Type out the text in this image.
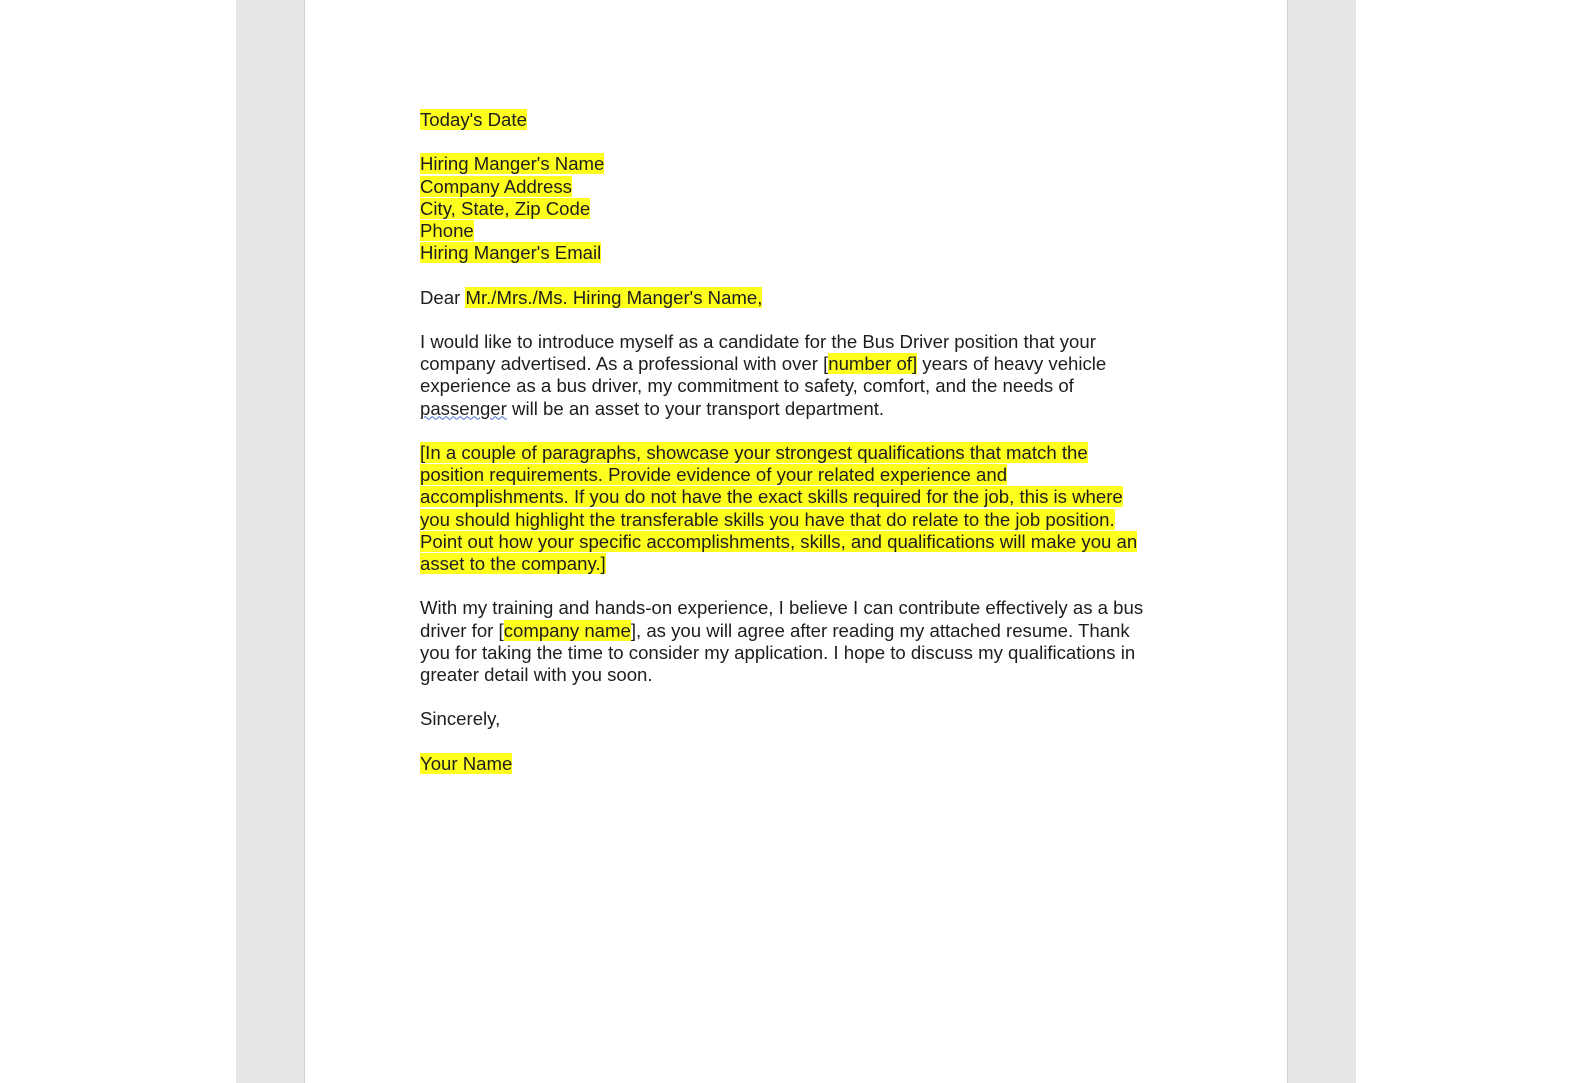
Today's Date
Hiring Manger's Name
Company Address
City, State, Zip Code
Phone
Hiring Manger's Email
Dear Mr./Mrs./Ms. Hiring Manger's Name,
I would like to introduce myself as a candidate for the Bus Driver position that your
company advertised. As a professional with over [number of] years of heavy vehicle
experience as a bus driver, my commitment to safety, comfort, and the needs of
passenger will be an asset to your transport department.
[In a couple of paragraphs, showcase your strongest qualifications that match the
position requirements. Provide evidence of your related experience and
accomplishments. If you do not have the exact skills required for the job, this is where
you should highlight the transferable skills you have that do relate to the job position.
Point out how your specific accomplishments, skills, and qualifications will make you an
asset to the company.]
With my training and hands-on experience, I believe I can contribute effectively as a bus
driver for [company name], as you will agree after reading my attached resume. Thank
you for taking the time to consider my application. I hope to discuss my qualifications in
greater detail with you soon.
Sincerely,
Your Name
